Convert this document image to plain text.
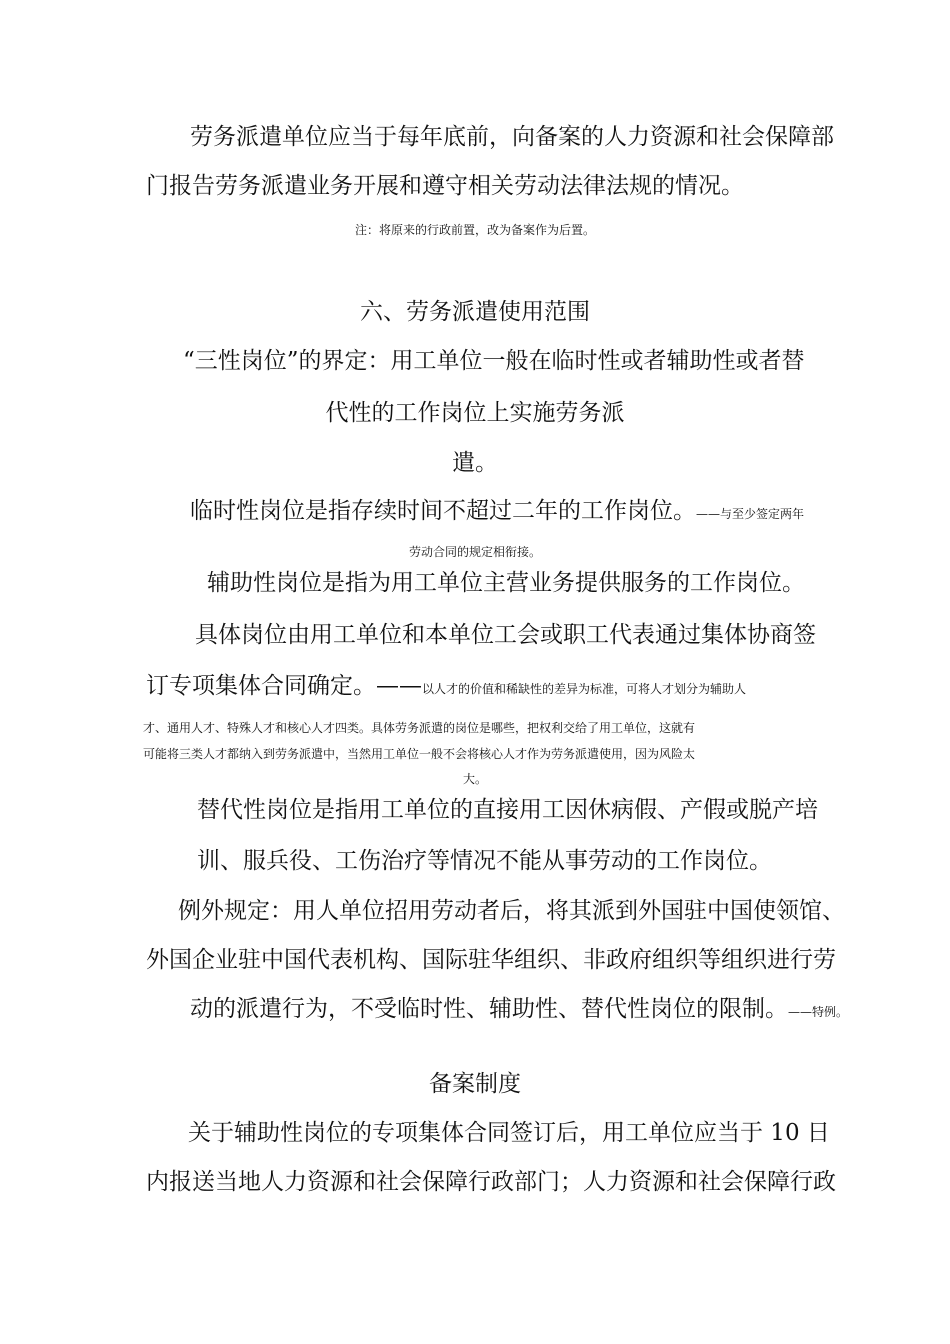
劳务派遣单位应当于每年底前，向备案的人力资源和社会保障部
门报告劳务派遣业务开展和遵守相关劳动法律法规的情况。
注：将原来的行政前置，改为备案作为后置。
六、劳务派遣使用范围
“三性岗位”的界定：用工单位一般在临时性或者辅助性或者替
代性的工作岗位上实施劳务派
遣。
临时性岗位是指存续时间不超过二年的工作岗位。——与至少签定两年
劳动合同的规定相衔接。
辅助性岗位是指为用工单位主营业务提供服务的工作岗位。
具体岗位由用工单位和本单位工会或职工代表通过集体协商签
订专项集体合同确定。——以人才的价值和稀缺性的差异为标准，可将人才划分为辅助人
才、通用人才、特殊人才和核心人才四类。具体劳务派遣的岗位是哪些，把权利交给了用工单位，这就有
可能将三类人才都纳入到劳务派遣中，当然用工单位一般不会将核心人才作为劳务派遣使用，因为风险太
大。
替代性岗位是指用工单位的直接用工因休病假、产假或脱产培
训、服兵役、工伤治疗等情况不能从事劳动的工作岗位。
例外规定：用人单位招用劳动者后，将其派到外国驻中国使领馆、
外国企业驻中国代表机构、国际驻华组织、非政府组织等组织进行劳
动的派遣行为，不受临时性、辅助性、替代性岗位的限制。——特例。
备案制度
关于辅助性岗位的专项集体合同签订后，用工单位应当于 10 日
内报送当地人力资源和社会保障行政部门；人力资源和社会保障行政
